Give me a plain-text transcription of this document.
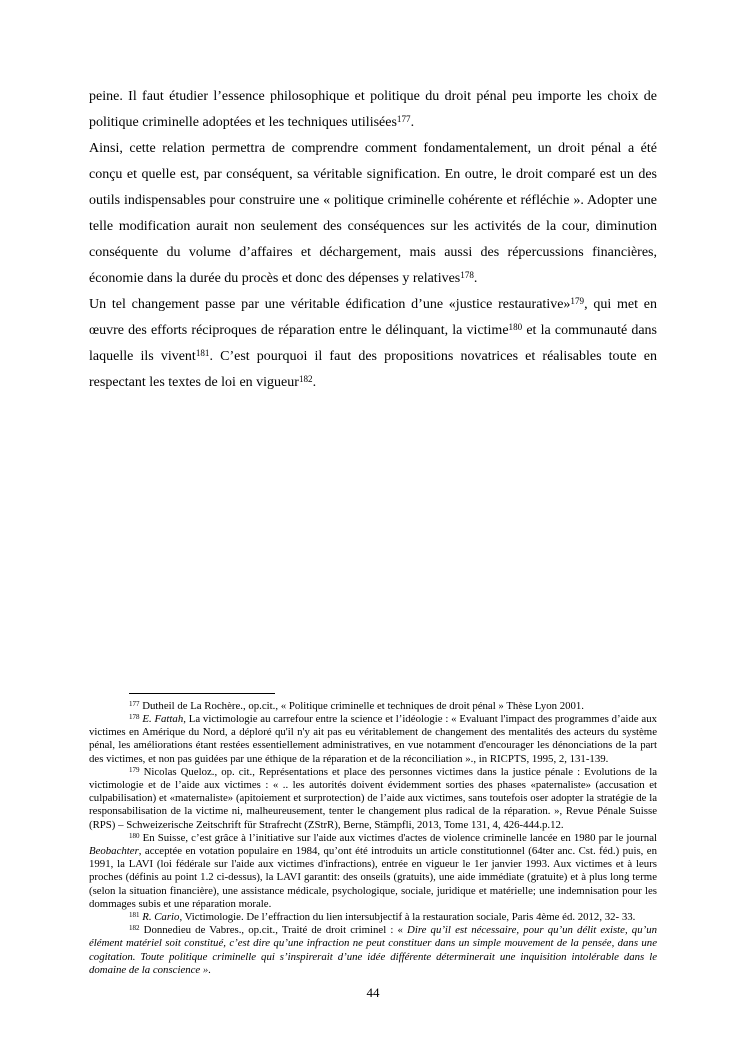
peine. Il faut étudier l’essence philosophique et politique du droit pénal peu importe les choix de politique criminelle adoptées et les techniques utilisées$^{177}$.

Ainsi, cette relation permettra de comprendre comment fondamentalement, un droit pénal a été conçu et quelle est, par conséquent, sa véritable signification. En outre, le droit comparé est un des outils indispensables pour construire une « politique criminelle cohérente et réfléchie ». Adopter une telle modification aurait non seulement des conséquences sur les activités de la cour, diminution conséquente du volume d’affaires et déchargement, mais aussi des répercussions financières, économie dans la durée du procès et donc des dépenses y relatives$^{178}$.

Un tel changement passe par une véritable édification d’une «justice restaurative»$^{179}$, qui met en œuvre des efforts réciproques de réparation entre le délinquant, la victime$^{180}$ et la communauté dans laquelle ils vivent$^{181}$. C’est pourquoi il faut des propositions novatrices et réalisables toute en respectant les textes de loi en vigueur$^{182}$.

$^{177}$ Dutheil de La Rochère., op.cit., « Politique criminelle et techniques de droit pénal » Thèse Lyon 2001.

$^{178}$ E. Fattah, La victimologie au carrefour entre la science et l’idéologie : « Evaluant l'impact des programmes d’aide aux victimes en Amérique du Nord, a déploré qu'il n'y ait pas eu véritablement de changement des mentalités des acteurs du système pénal, les améliorations étant restées essentiellement administratives, en vue notamment d'encourager les dénonciations de la part des victimes, et non pas guidées par une éthique de la réparation et de la réconciliation »., in RICPTS, 1995, 2, 131-139.

$^{179}$ Nicolas Queloz., op. cit., Représentations et place des personnes victimes dans la justice pénale : Evolutions de la victimologie et de l’aide aux victimes : « .. les autorités doivent évidemment sorties des phases «paternaliste» (accusation et culpabilisation) et «maternaliste» (apitoiement et surprotection) de l’aide aux victimes, sans toutefois oser adopter la stratégie de la responsabilisation de la victime ni, malheureusement, tenter le changement plus radical de la réparation. », Revue Pénale Suisse (RPS) – Schweizerische Zeitschrift für Strafrecht (ZStrR), Berne, Stämpfli, 2013, Tome 131, 4, 426-444.p.12.

$^{180}$ En Suisse, c’est grâce à l’initiative sur l'aide aux victimes d'actes de violence criminelle lancée en 1980 par le journal Beobachter, acceptée en votation populaire en 1984, qu’ont été introduits un article constitutionnel (64ter anc. Cst. féd.) puis, en 1991, la LAVI (loi fédérale sur l'aide aux victimes d'infractions), entrée en vigueur le 1er janvier 1993. Aux victimes et à leurs proches (définis au point 1.2 ci-dessus), la LAVI garantit: des onseils (gratuits), une aide immédiate (gratuite) et à plus long terme (selon la situation financière), une assistance médicale, psychologique, sociale, juridique et matérielle; une indemnisation pour les dommages subis et une réparation morale.

$^{181}$ R. Cario, Victimologie. De l’effraction du lien intersubjectif à la restauration sociale, Paris 4ème éd. 2012, 32- 33.

$^{182}$ Donnedieu de Vabres., op.cit., Traité de droit criminel : « Dire qu’il est nécessaire, pour qu’un délit existe, qu’un élément matériel soit constitué, c’est dire qu’une infraction ne peut constituer dans un simple mouvement de la pensée, dans une cogitation. Toute politique criminelle qui s’inspirerait d’une idée différente déterminerait une inquisition intolérable dans le domaine de la conscience ».

44
